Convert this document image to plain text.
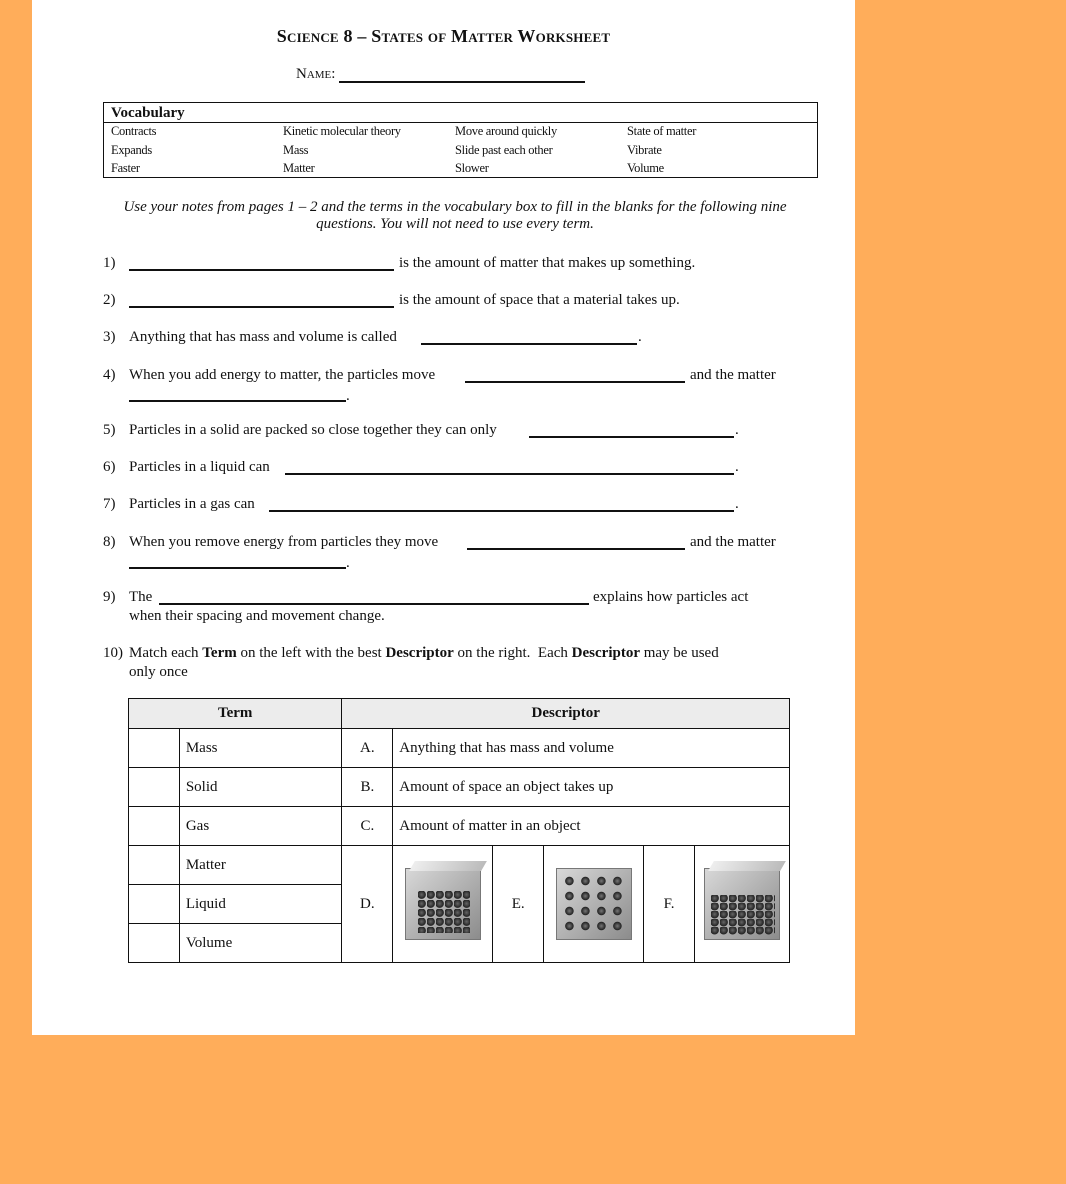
Science 8 – States of Matter Worksheet
Name:
Vocabulary
Contracts	Kinetic molecular theory	Move around quickly	State of matter
Expands	Mass	Slide past each other	Vibrate
Faster	Matter	Slower	Volume
Use your notes from pages 1 – 2 and the terms in the vocabulary box to fill in the blanks for the following nine questions. You will not need to use every term.
1)	is the amount of matter that makes up something.
2)	is the amount of space that a material takes up.
3) Anything that has mass and volume is called	.
4) When you add energy to matter, the particles move	and the matter
.
5) Particles in a solid are packed so close together they can only	.
6) Particles in a liquid can	.
7) Particles in a gas can	.
8) When you remove energy from particles they move	and the matter
.
9) The	explains how particles act
when their spacing and movement change.
10) Match each Term on the left with the best Descriptor on the right.  Each Descriptor may be used
only once
Term		Descriptor					
	Mass	A.	Anything that has mass and volume				
	Solid	B.	Amount of space an object takes up				
	Gas	C.	Amount of matter in an object				
	Matter	D.		E.		F.	

	Liquid						
	Volume						
